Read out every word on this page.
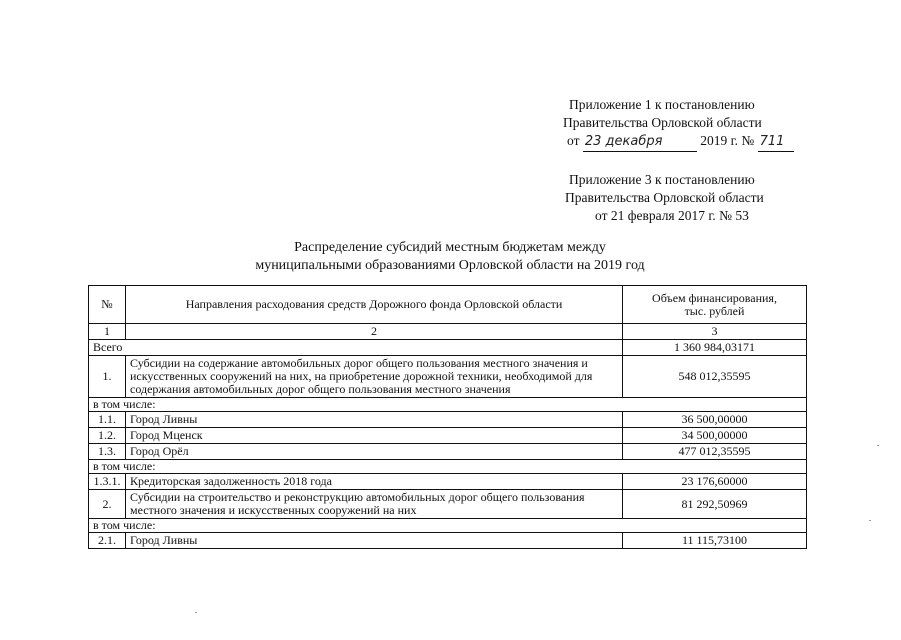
Приложение 1 к постановлению
Правительства Орловской области
от 23 декабря	2019 г. № 711
Приложение 3 к постановлению
Правительства Орловской области
от 21 февраля 2017 г. № 53
Распределение субсидий местным бюджетам между
муниципальными образованиями Орловской области на 2019 год
№	Направления расходования средств Дорожного фонда Орловской области	Объем финансирования, тыс. рублей
1	2	3
Всего		1 360 984,03171
1.	Субсидии на содержание автомобильных дорог общего пользования местного значения и искусственных сооружений на них, на приобретение дорожной техники, необходимой для содержания автомобильных дорог общего пользования местного значения	548 012,35595
в том числе:		
1.1.	Город Ливны	36 500,00000
1.2.	Город Мценск	34 500,00000
1.3.	Город Орёл	477 012,35595
в том числе:		
1.3.1.	Кредиторская задолженность 2018 года	23 176,60000
2.	Субсидии на строительство и реконструкцию автомобильных дорог общего пользования местного значения и искусственных сооружений на них	81 292,50969
в том числе:		
2.1.	Город Ливны	11 115,73100
